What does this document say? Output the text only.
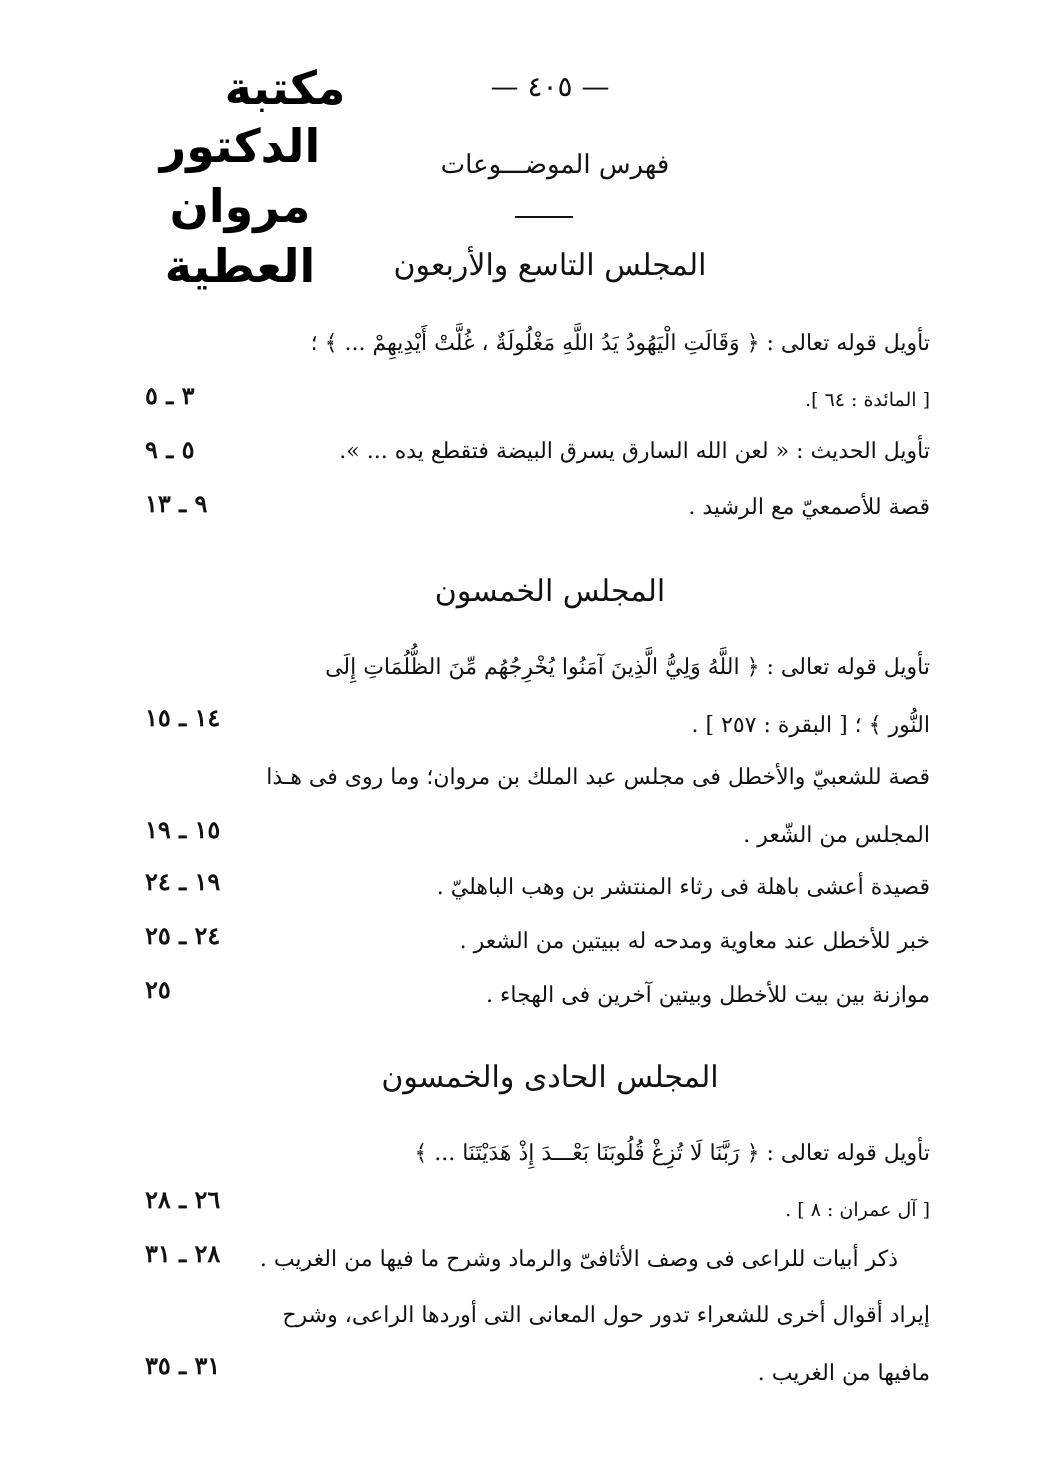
— ٤٠٥ —
مكتبة
الدكتور مروان العطية
فهرس الموضـــوعات
المجلس التاسع والأربعون
تأويل قوله تعالى : ﴿ وَقَالَتِ الْيَهُودُ يَدُ اللَّهِ مَغْلُولَةٌ ، غُلَّتْ أَيْدِيهِمْ ... ﴾ ؛
[ المائدة : ٦٤ ].
٣ ـ ٥
تأويل الحديث : « لعن الله السارق يسرق البيضة فتقطع يده ... ».
٥ ـ ٩
قصة للأصمعيّ مع الرشيد .
٩ ـ ١٣
المجلس الخمسون
تأويل قوله تعالى : ﴿ اللَّهُ وَلِيُّ الَّذِينَ آمَنُوا يُخْرِجُهُم مِّنَ الظُّلُمَاتِ إِلَى
النُّور ﴾ ؛ [ البقرة : ٢٥٧ ] .
١٤ ـ ١٥
قصة للشعبيّ والأخطل فى مجلس عبد الملك بن مروان؛ وما روى فى هـذا
المجلس من الشّعر .
١٥ ـ ١٩
قصيدة أعشى باهلة فى رثاء المنتشر بن وهب الباهليّ .
١٩ ـ ٢٤
خبر للأخطل عند معاوية ومدحه له ببيتين من الشعر .
٢٤ ـ ٢٥
موازنة بين بيت للأخطل وبيتين آخرين فى الهجاء .
٢٥
المجلس الحادى والخمسون
تأويل قوله تعالى : ﴿ رَبَّنَا لَا تُزِغْ قُلُوبَنَا بَعْـــدَ إِذْ هَدَيْتَنَا ... ﴾
[ آل عمران : ٨ ] .
٢٦ ـ ٢٨
ذكر أبيات للراعى فى وصف الأثافىّ والرماد وشرح ما فيها من الغريب .
٢٨ ـ ٣١
إيراد أقوال أخرى للشعراء تدور حول المعانى التى أوردها الراعى، وشرح
مافيها من الغريب .
٣١ ـ ٣٥
